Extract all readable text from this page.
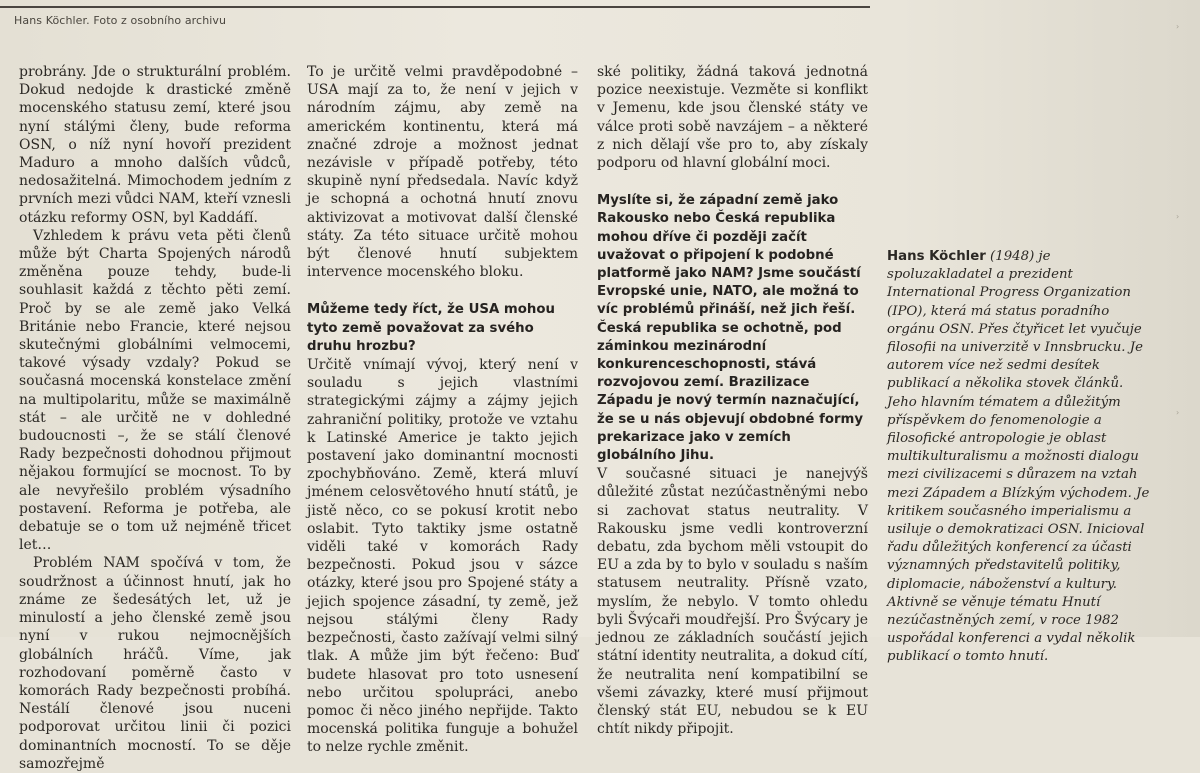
Hans Köchler. Foto z osobního archivu

probrány. Jde o strukturální problém. Dokud nedojde k drastické změně mocenského statusu zemí, které jsou nyní stálými členy, bude reforma OSN, o níž nyní hovoří prezident Maduro a mnoho dalších vůdců, nedosažitelná. Mimochodem jedním z prvních mezi vůdci NAM, kteří vznesli otázku reformy OSN, byl Kaddáfí.

Vzhledem k právu veta pěti členů může být Charta Spojených národů změněna pouze tehdy, bude-li souhlasit každá z těchto pěti zemí. Proč by se ale země jako Velká Británie nebo Francie, které nejsou skutečnými globálními velmocemi, takové výsady vzdaly? Pokud se současná mocenská konstelace změní na multipolaritu, může se maximálně stát – ale určitě ne v dohledné budoucnosti –, že se stálí členové Rady bezpečnosti dohodnou přijmout nějakou formující se mocnost. To by ale nevyřešilo problém výsadního postavení. Reforma je potřeba, ale debatuje se o tom už nejméně třicet let…

Problém NAM spočívá v tom, že soudržnost a účinnost hnutí, jak ho známe ze šedesátých let, už je minulostí a jeho členské země jsou nyní v rukou nejmocnějších globálních hráčů. Víme, jak rozhodovaní poměrně často v komorách Rady bezpečnosti probíhá. Nestálí členové jsou nuceni podporovat určitou linii či pozici dominantních mocností. To se děje samozřejmě

To je určitě velmi pravděpodobné – USA mají za to, že není v jejich v národním zájmu, aby země na americkém kontinentu, která má značné zdroje a možnost jednat nezávisle v případě potřeby, této skupině nyní předsedala. Navíc když je schopná a ochotná hnutí znovu aktivizovat a motivovat další členské státy. Za této situace určitě mohou být členové hnutí subjektem intervence mocenského bloku.

Můžeme tedy říct, že USA mohou tyto země považovat za svého druhu hrozbu?

Určitě vnímají vývoj, který není v souladu s jejich vlastními strategickými zájmy a zájmy jejich zahraniční politiky, protože ve vztahu k Latinské Americe je takto jejich postavení jako dominantní mocnosti zpochybňováno. Země, která mluví jménem celosvětového hnutí států, je jistě něco, co se pokusí krotit nebo oslabit. Tyto taktiky jsme ostatně viděli také v komorách Rady bezpečnosti. Pokud jsou v sázce otázky, které jsou pro Spojené státy a jejich spojence zásadní, ty země, jež nejsou stálými členy Rady bezpečnosti, často zažívají velmi silný tlak. A může jim být řečeno: Buď budete hlasovat pro toto usnesení nebo určitou spolupráci, anebo pomoc či něco jiného nepřijde. Takto mocenská politika funguje a bohužel to nelze rychle změnit.

ské politiky, žádná taková jednotná pozice neexistuje. Vezměte si konflikt v Jemenu, kde jsou členské státy ve válce proti sobě navzájem – a některé z nich dělají vše pro to, aby získaly podporu od hlavní globální moci.

Myslíte si, že západní země jako Rakousko nebo Česká republika mohou dříve či později začít uvažovat o připojení k podobné platformě jako NAM? Jsme součástí Evropské unie, NATO, ale možná to víc problémů přináší, než jich řeší. Česká republika se ochotně, pod záminkou mezinárodní konkurenceschopnosti, stává rozvojovou zemí. Brazilizace Západu je nový termín naznačující, že se u nás objevují obdobné formy prekarizace jako v zemích globálního Jihu.

V současné situaci je nanejvýš důležité zůstat nezúčastněnými nebo si zachovat status neutrality. V Rakousku jsme vedli kontroverzní debatu, zda bychom měli vstoupit do EU a zda by to bylo v souladu s naším statusem neutrality. Přísně vzato, myslím, že nebylo. V tomto ohledu byli Švýcaři moudřejší. Pro Švýcary je jednou ze základních součástí jejich státní identity neutralita, a dokud cítí, že neutralita není kompatibilní se všemi závazky, které musí přijmout členský stát EU, nebudou se k EU chtít nikdy připojit.

Hans Köchler (1948) je spoluzakladatel a prezident International Progress Organization (IPO), která má status poradního orgánu OSN. Přes čtyřicet let vyučuje filosofii na univerzitě v Innsbrucku. Je autorem více než sedmi desítek publikací a několika stovek článků. Jeho hlavním tématem a důležitým příspěvkem do fenomenologie a filosofické antropologie je oblast multikulturalismu a možnosti dialogu mezi civilizacemi s důrazem na vztah mezi Západem a Blízkým východem. Je kritikem současného imperialismu a usiluje o demokratizaci OSN. Inicioval řadu důležitých konferencí za účasti významných představitelů politiky, diplomacie, náboženství a kultury. Aktivně se věnuje tématu Hnutí nezúčastněných zemí, v roce 1982 uspořádal konferenci a vydal několik publikací o tomto hnutí.

›
›
›
